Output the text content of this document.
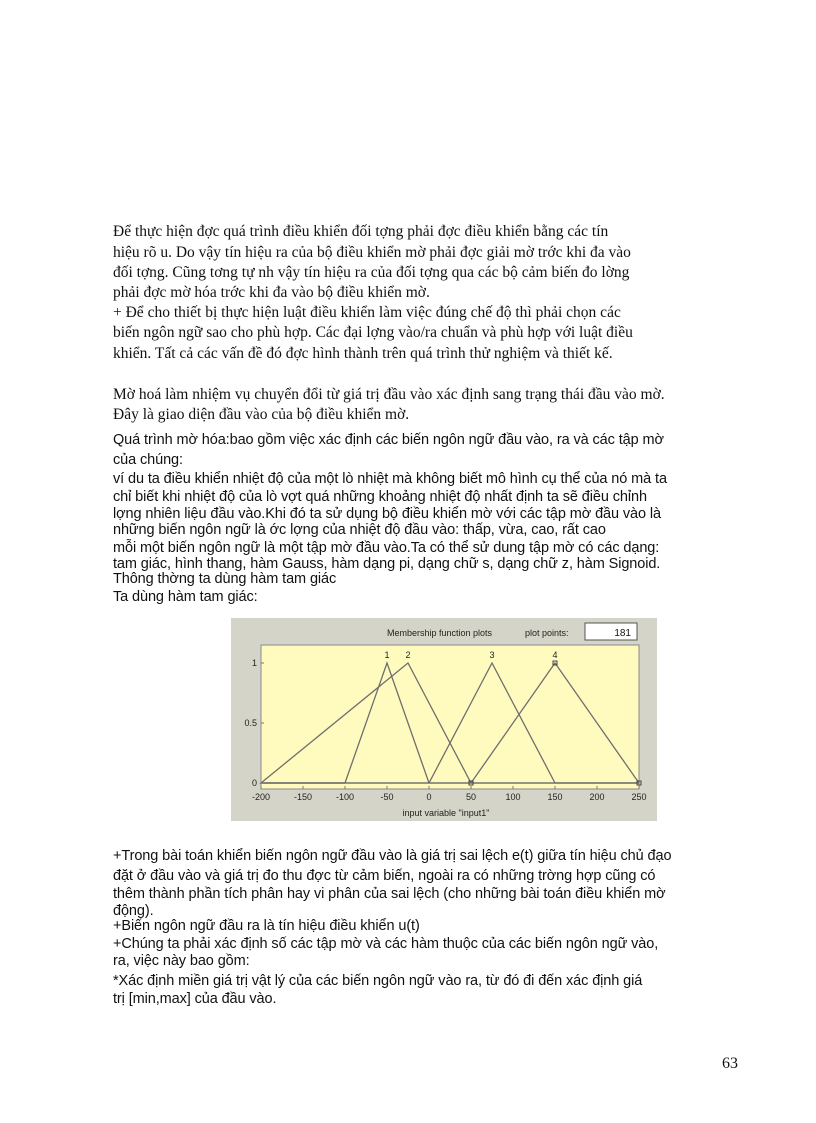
Để thực hiện đợc quá trình điều khiển đối tợng phải đợc điều khiển bằng các tín
hiệu rõ u. Do vậy tín hiệu ra của bộ điều khiển mờ phải đợc giải mờ trớc khi đa vào
đối tợng. Cũng tơng tự nh vậy tín hiệu ra của đối tợng qua các bộ cảm biến đo lờng
phải đợc mờ hóa trớc khi đa vào bộ điều khiển mờ.
+ Để cho thiết bị thực hiện luật điều khiển làm việc đúng chế độ thì phải chọn các
biến ngôn ngữ sao cho phù hợp. Các đại lợng vào/ra chuẩn và phù hợp với luật điều
khiển. Tất cả các vấn đề đó đợc hình thành trên quá trình thử nghiệm và thiết kế.
Mờ hoá làm nhiệm vụ chuyển đổi từ giá trị đầu vào xác định sang trạng thái đầu vào mờ.
Đây là giao diện đầu vào của bộ điều khiển mờ.
Quá trình mờ hóa:bao gồm việc xác định các biến ngôn ngữ đầu vào, ra và các tập mờ
của chúng:
ví du ta điều khiển nhiệt độ của một lò nhiệt mà không biết mô hình cụ thể của nó mà ta
chỉ biết khi nhiệt độ của lò vợt quá những khoảng nhiệt độ nhất định ta sẽ điều chỉnh
lợng nhiên liệu đầu vào.Khi đó ta sử dụng bộ điều khiển mờ với các tập mờ đầu vào là
những biến ngôn ngữ là ớc lợng của nhiệt độ đầu vào: thấp, vừa, cao, rất cao
mỗi một biến ngôn ngữ là một tập mờ đầu vào.Ta có thể sử dung tập mờ có các dạng:
tam giác, hình thang, hàm Gauss, hàm dạng pi, dạng chữ s, dạng chữ z, hàm Signoid.
Thông thờng ta dùng hàm tam giác
Ta dùng hàm tam giác:
Membership function plots	plot points:	181
1 2	3	4
-200	-150	-100	-50	0	50	100	150	200	250
0
0.5
1
input variable "input1"
+Trong bài toán khiển biến ngôn ngữ đầu vào là giá trị sai lệch e(t) giữa tín hiệu chủ đạo
đặt ở đầu vào và giá trị đo thu đợc từ cảm biến, ngoài ra có những trờng hợp cũng có
thêm thành phần tích phân hay vi phân của sai lệch (cho những bài toán điều khiển mờ
động).
+Biến ngôn ngữ đầu ra là tín hiệu điều khiển u(t)
+Chúng ta phải xác định số các tập mờ và các hàm thuộc của các biến ngôn ngữ vào,
ra, việc này bao gồm:
*Xác định miền giá trị vật lý của các biến ngôn ngữ vào ra, từ đó đi đến xác định giá
trị [min,max] của đầu vào.
63
